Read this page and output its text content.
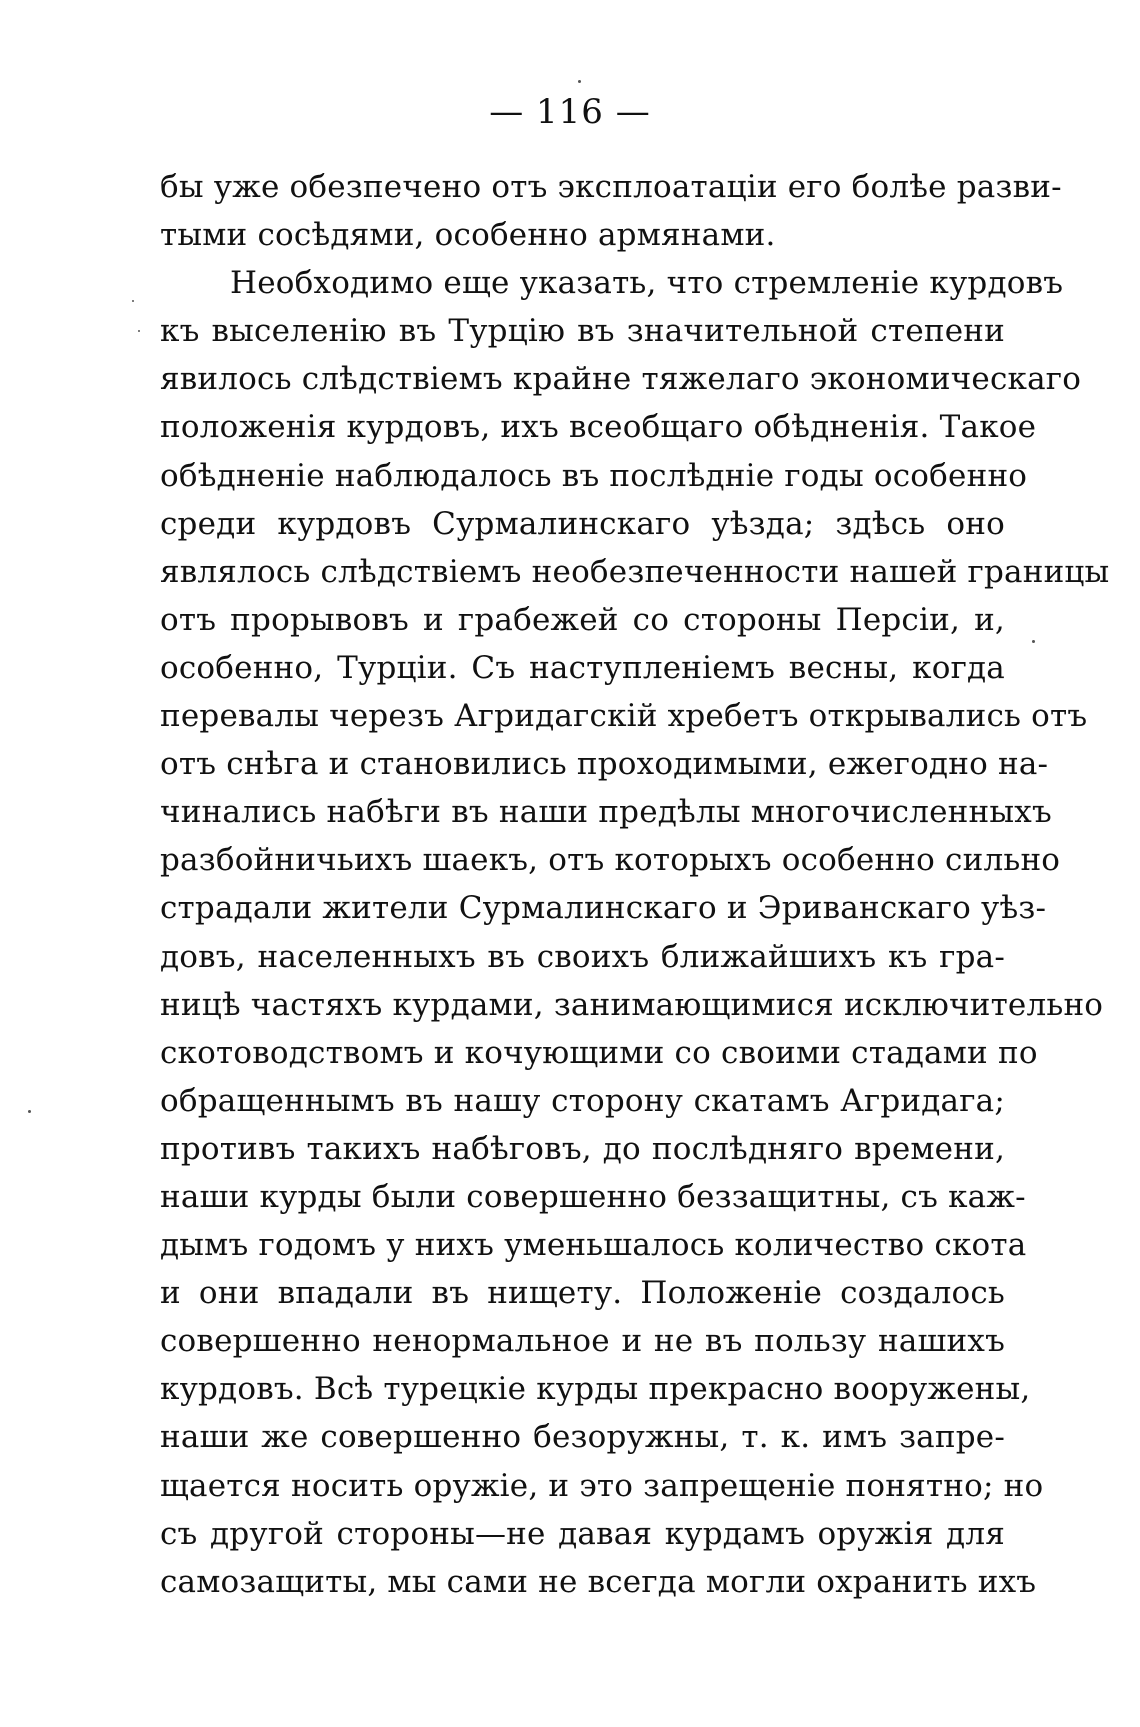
— 116 —
бы уже обезпечено отъ эксплоатацiи его болѣе разви-
тыми сосѣдями, особенно армянами.
Необходимо еще указать, что стремленiе курдовъ
къ выселенiю въ Турцiю въ значительной степени
явилось слѣдствiемъ крайне тяжелаго экономическаго
положенiя курдовъ, ихъ всеобщаго обѣдненiя. Такое
обѣдненiе наблюдалось въ послѣднiе годы особенно
среди курдовъ Сурмалинскаго уѣзда; здѣсь оно
являлось слѣдствiемъ необезпеченности нашей границы
отъ прорывовъ и грабежей со стороны Персiи, и,
особенно, Турцiи. Съ наступленiемъ весны, когда
перевалы черезъ Агридагскiй хребетъ открывались отъ
отъ снѣга и становились проходимыми, ежегодно на-
чинались набѣги въ наши предѣлы многочисленныхъ
разбойничьихъ шаекъ, отъ которыхъ особенно сильно
страдали жители Сурмалинскаго и Эриванскаго уѣз-
довъ, населенныхъ въ своихъ ближайшихъ къ гра-
ницѣ частяхъ курдами, занимающимися исключительно
скотоводствомъ и кочующими со своими стадами по
обращеннымъ въ нашу сторону скатамъ Агридага;
противъ такихъ набѣговъ, до послѣдняго времени,
наши курды были совершенно беззащитны, съ каж-
дымъ годомъ у нихъ уменьшалось количество скота
и они впадали въ нищету. Положенiе создалось
совершенно ненормальное и не въ пользу нашихъ
курдовъ. Всѣ турецкiе курды прекрасно вооружены,
наши же совершенно безоружны, т. к. имъ запре-
щается носить оружiе, и это запрещенiе понятно; но
съ другой стороны—не давая курдамъ оружiя для
самозащиты, мы сами не всегда могли охранить ихъ
